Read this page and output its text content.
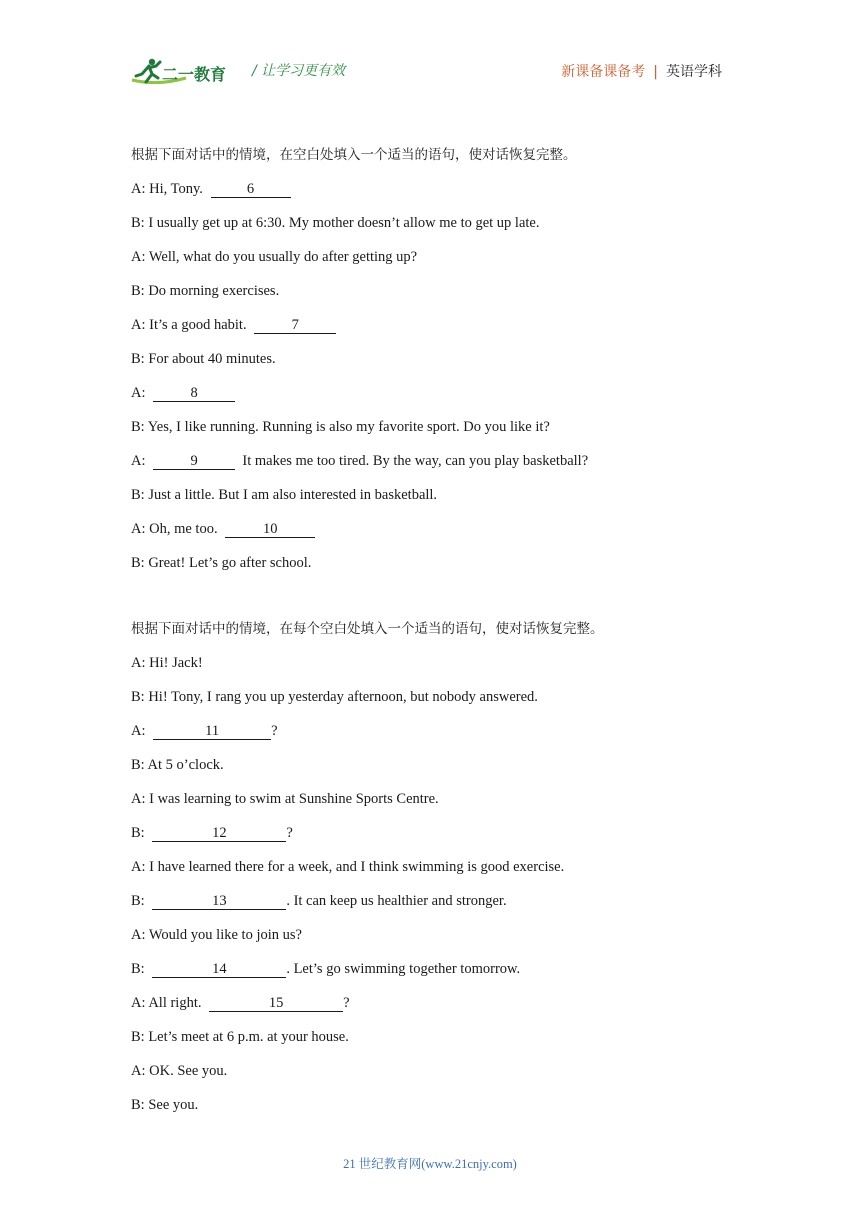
二一教育 / 让学习更有效	新课备课备考 | 英语学科
根据下面对话中的情境，在空白处填入一个适当的语句，使对话恢复完整。
A: Hi, Tony.	6
B: I usually get up at 6:30. My mother doesn’t allow me to get up late.
A: Well, what do you usually do after getting up?
B: Do morning exercises.
A: It’s a good habit.	7
B: For about 40 minutes.
A:	8
B: Yes, I like running. Running is also my favorite sport. Do you like it?
A:	9	It makes me too tired. By the way, can you play basketball?
B: Just a little. But I am also interested in basketball.
A: Oh, me too.	10
B: Great! Let’s go after school.
根据下面对话中的情境，在每个空白处填入一个适当的语句，使对话恢复完整。
A: Hi! Jack!
B: Hi! Tony, I rang you up yesterday afternoon, but nobody answered.
A:	11	?
B: At 5 o’clock.
A: I was learning to swim at Sunshine Sports Centre.
B:	12	?
A: I have learned there for a week, and I think swimming is good exercise.
B:	13	. It can keep us healthier and stronger.
A: Would you like to join us?
B:	14	. Let’s go swimming together tomorrow.
A: All right.	15	?
B: Let’s meet at 6 p.m. at your house.
A: OK. See you.
B: See you.
21 世纪教育网(www.21cnjy.com)
